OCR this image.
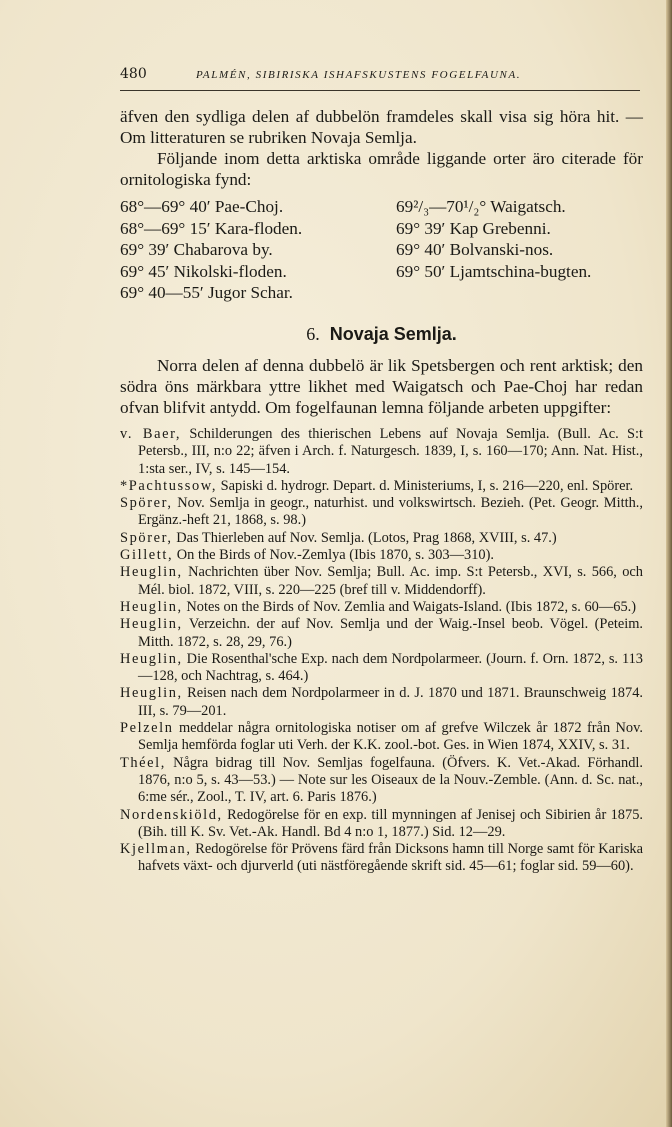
480	PALMÉN, SIBIRISKA ISHAFSKUSTENS FOGELFAUNA.

äfven den sydliga delen af dubbelön framdeles skall visa sig höra hit. — Om litteraturen se rubriken Novaja Semlja.

Följande inom detta arktiska område liggande orter äro citerade för ornitologiska fynd:

68°—69° 40′ Pae-Choj.
68°—69° 15′ Kara-floden.
69° 39′ Chabarova by.
69° 45′ Nikolski-floden.
69° 40—55′ Jugor Schar.
69²/₃—70¹/₂° Waigatsch.
69° 39′ Kap Grebenni.
69° 40′ Bolvanski-nos.
69° 50′ Ljamtschina-bugten.
6. Novaja Semlja.

Norra delen af denna dubbelö är lik Spetsbergen och rent arktisk; den södra öns märkbara yttre likhet med Waigatsch och Pae-Choj har redan ofvan blifvit antydd. Om fogelfaunan lemna följande arbeten uppgifter:

v. Baer, Schilderungen des thierischen Lebens auf Novaja Semlja. (Bull. Ac. S:t Petersb., III, n:o 22; äfven i Arch. f. Naturgesch. 1839, I, s. 160—170; Ann. Nat. Hist., 1:sta ser., IV, s. 145—154.
*Pachtussow, Sapiski d. hydrogr. Depart. d. Ministeriums, I, s. 216—220, enl. Spörer.
Spörer, Nov. Semlja in geogr., naturhist. und volkswirtsch. Bezieh. (Pet. Geogr. Mitth., Ergänz.-heft 21, 1868, s. 98.)
Spörer, Das Thierleben auf Nov. Semlja. (Lotos, Prag 1868, XVIII, s. 47.)
Gillett, On the Birds of Nov.-Zemlya (Ibis 1870, s. 303—310).
Heuglin, Nachrichten über Nov. Semlja; Bull. Ac. imp. S:t Petersb., XVI, s. 566, och Mél. biol. 1872, VIII, s. 220—225 (bref till v. Middendorff).
Heuglin, Notes on the Birds of Nov. Zemlia and Waigats-Island. (Ibis 1872, s. 60—65.)
Heuglin, Verzeichn. der auf Nov. Semlja und der Waig.-Insel beob. Vögel. (Peteim. Mitth. 1872, s. 28, 29, 76.)
Heuglin, Die Rosenthal'sche Exp. nach dem Nordpolarmeer. (Journ. f. Orn. 1872, s. 113—128, och Nachtrag, s. 464.)
Heuglin, Reisen nach dem Nordpolarmeer in d. J. 1870 und 1871. Braunschweig 1874. III, s. 79—201.
Pelzeln meddelar några ornitologiska notiser om af grefve Wilczek år 1872 från Nov. Semlja hemförda foglar uti Verh. der K.K. zool.-bot. Ges. in Wien 1874, XXIV, s. 31.
Théel, Några bidrag till Nov. Semljas fogelfauna. (Öfvers. K. Vet.-Akad. Förhandl. 1876, n:o 5, s. 43—53.) — Note sur les Oiseaux de la Nouv.-Zemble. (Ann. d. Sc. nat., 6:me sér., Zool., T. IV, art. 6. Paris 1876.)
Nordenskiöld, Redogörelse för en exp. till mynningen af Jenisej och Sibirien år 1875. (Bih. till K. Sv. Vet.-Ak. Handl. Bd 4 n:o 1, 1877.) Sid. 12—29.
Kjellman, Redogörelse för Prövens färd från Dicksons hamn till Norge samt för Kariska hafvets växt- och djurverld (uti nästföregående skrift sid. 45—61; foglar sid. 59—60).
